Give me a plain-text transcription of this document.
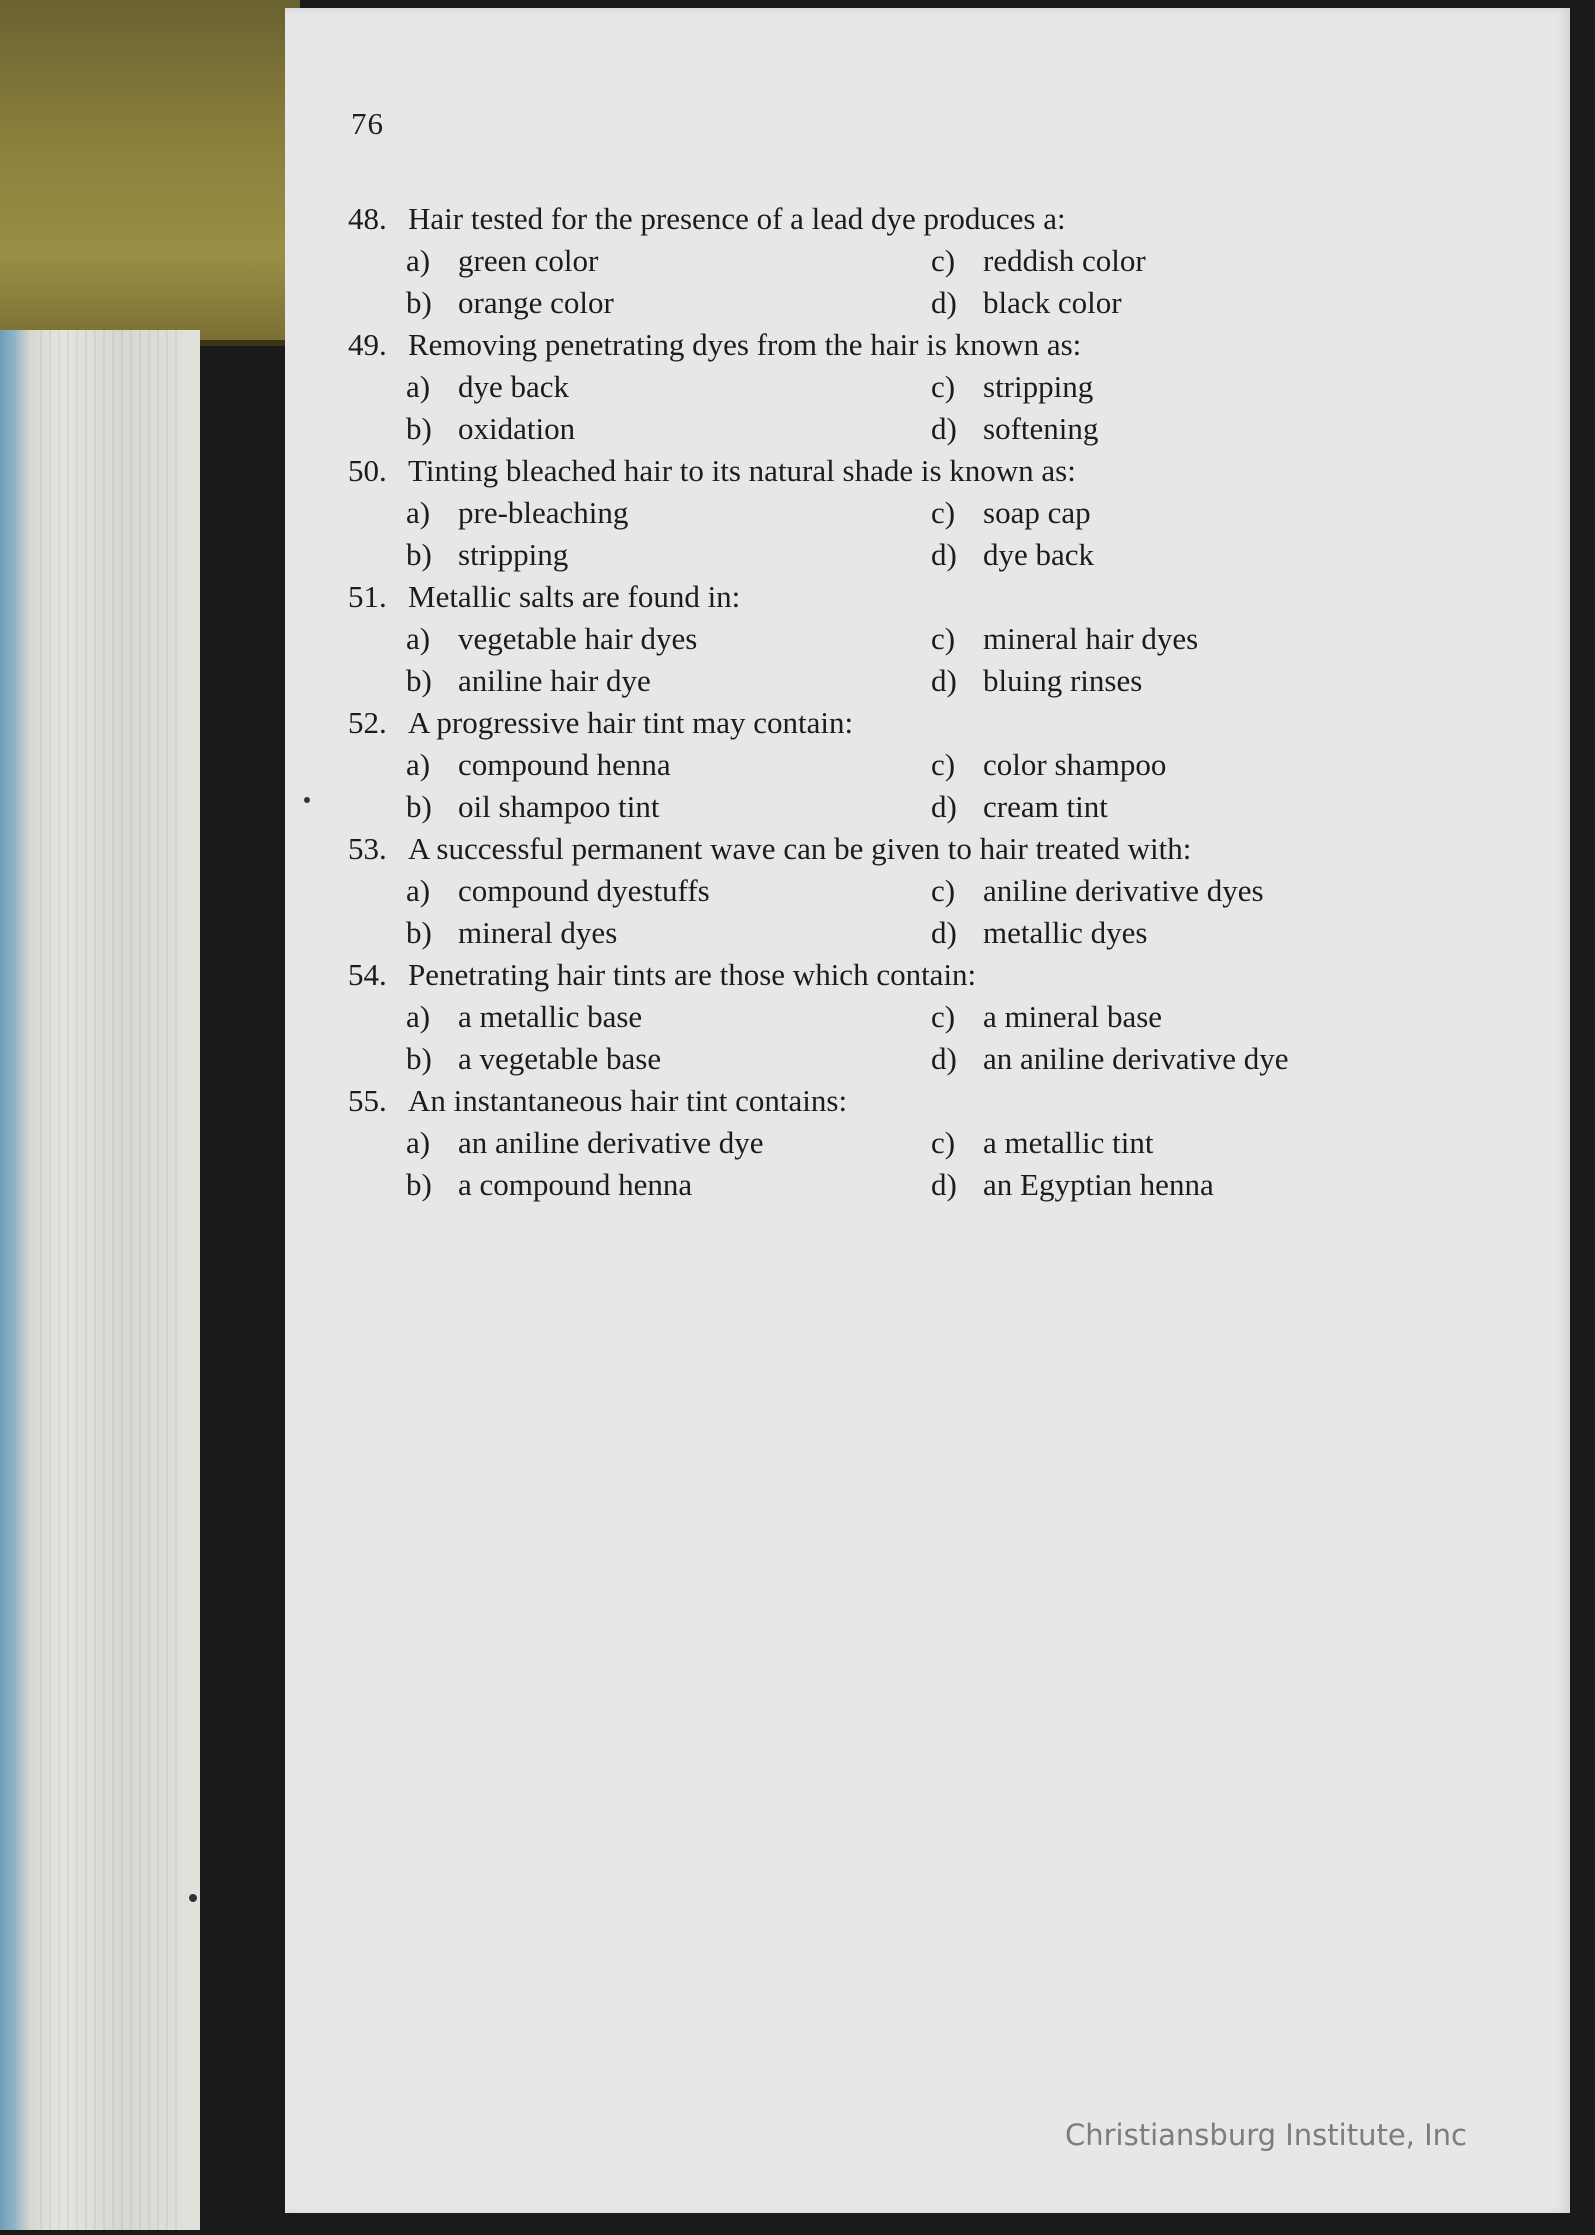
76
48. Hair tested for the presence of a lead dye produces a:
a) green color	c) reddish color
b) orange color	d) black color
49. Removing penetrating dyes from the hair is known as:
a) dye back	c) stripping
b) oxidation	d) softening
50. Tinting bleached hair to its natural shade is known as:
a) pre-bleaching	c) soap cap
b) stripping	d) dye back
51. Metallic salts are found in:
a) vegetable hair dyes	c) mineral hair dyes
b) aniline hair dye	d) bluing rinses
52. A progressive hair tint may contain:
a) compound henna	c) color shampoo
b) oil shampoo tint	d) cream tint
53. A successful permanent wave can be given to hair treated with:
a) compound dyestuffs	c) aniline derivative dyes
b) mineral dyes	d) metallic dyes
54. Penetrating hair tints are those which contain:
a) a metallic base	c) a mineral base
b) a vegetable base	d) an aniline derivative dye
55. An instantaneous hair tint contains:
a) an aniline derivative dye	c) a metallic tint
b) a compound henna	d) an Egyptian henna
Christiansburg Institute, Inc
